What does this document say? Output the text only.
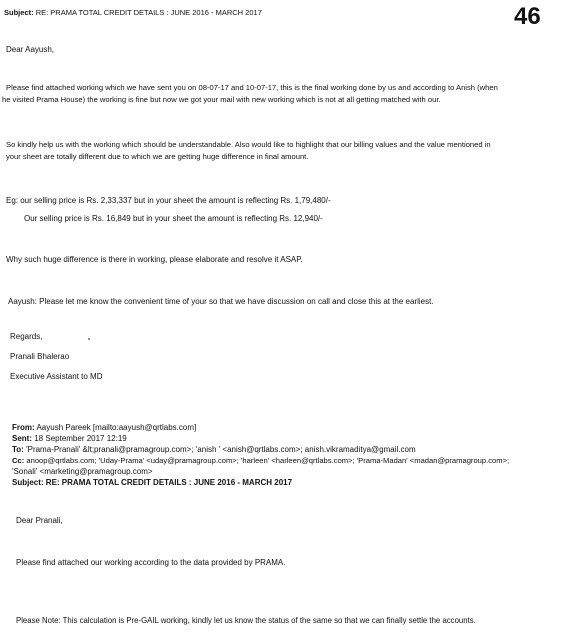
Subject: RE: PRAMA TOTAL CREDIT DETAILS : JUNE 2016 - MARCH 2017	46
Dear Aayush,
Please find attached working which we have sent you on 08-07-17 and 10-07-17, this is the final working done by us and according to Anish (when
he visited Prama House) the working is fine but now we got your mail with new working which is not at all getting matched with our.
So kindly help us with the working which should be understandable. Also would like to highlight that our billing values and the value mentioned in
your sheet are totally different due to which we are getting huge difference in final amount.
Eg: our selling price is Rs. 2,33,337 but in your sheet the amount is reflecting Rs. 1,79,480/-
Our selling price is Rs. 16,849 but in your sheet the amount is reflecting Rs. 12,940/-
Why such huge difference is there in working, please elaborate and resolve it ASAP.
Aayush: Please let me know the convenient time of your so that we have discussion on call and close this at the earliest.
Regards,
Pranali Bhalerao
Executive Assistant to MD
From: Aayush Pareek [mailto:aayush@qrtlabs.com]
Sent: 18 September 2017 12:19
To: 'Prama-Pranali' &lt;pranali@pramagroup.com>; 'anish ' <anish@qrtlabs.com>; anish.vikramaditya@gmail.com
Cc: anoop@qrtlabs.com; 'Uday-Prama' <uday@pramagroup.com>; 'harleen' <harleen@qrtlabs.com>; 'Prama-Madan' <madan@pramagroup.com>;
'Sonali' <marketing@pramagroup.com>
Subject: RE: PRAMA TOTAL CREDIT DETAILS : JUNE 2016 - MARCH 2017
Dear Pranali,
Please find attached our working according to the data provided by PRAMA.
Please Note: This calculation is Pre-GAIL working, kindly let us know the status of the same so that we can finally settle the accounts.
